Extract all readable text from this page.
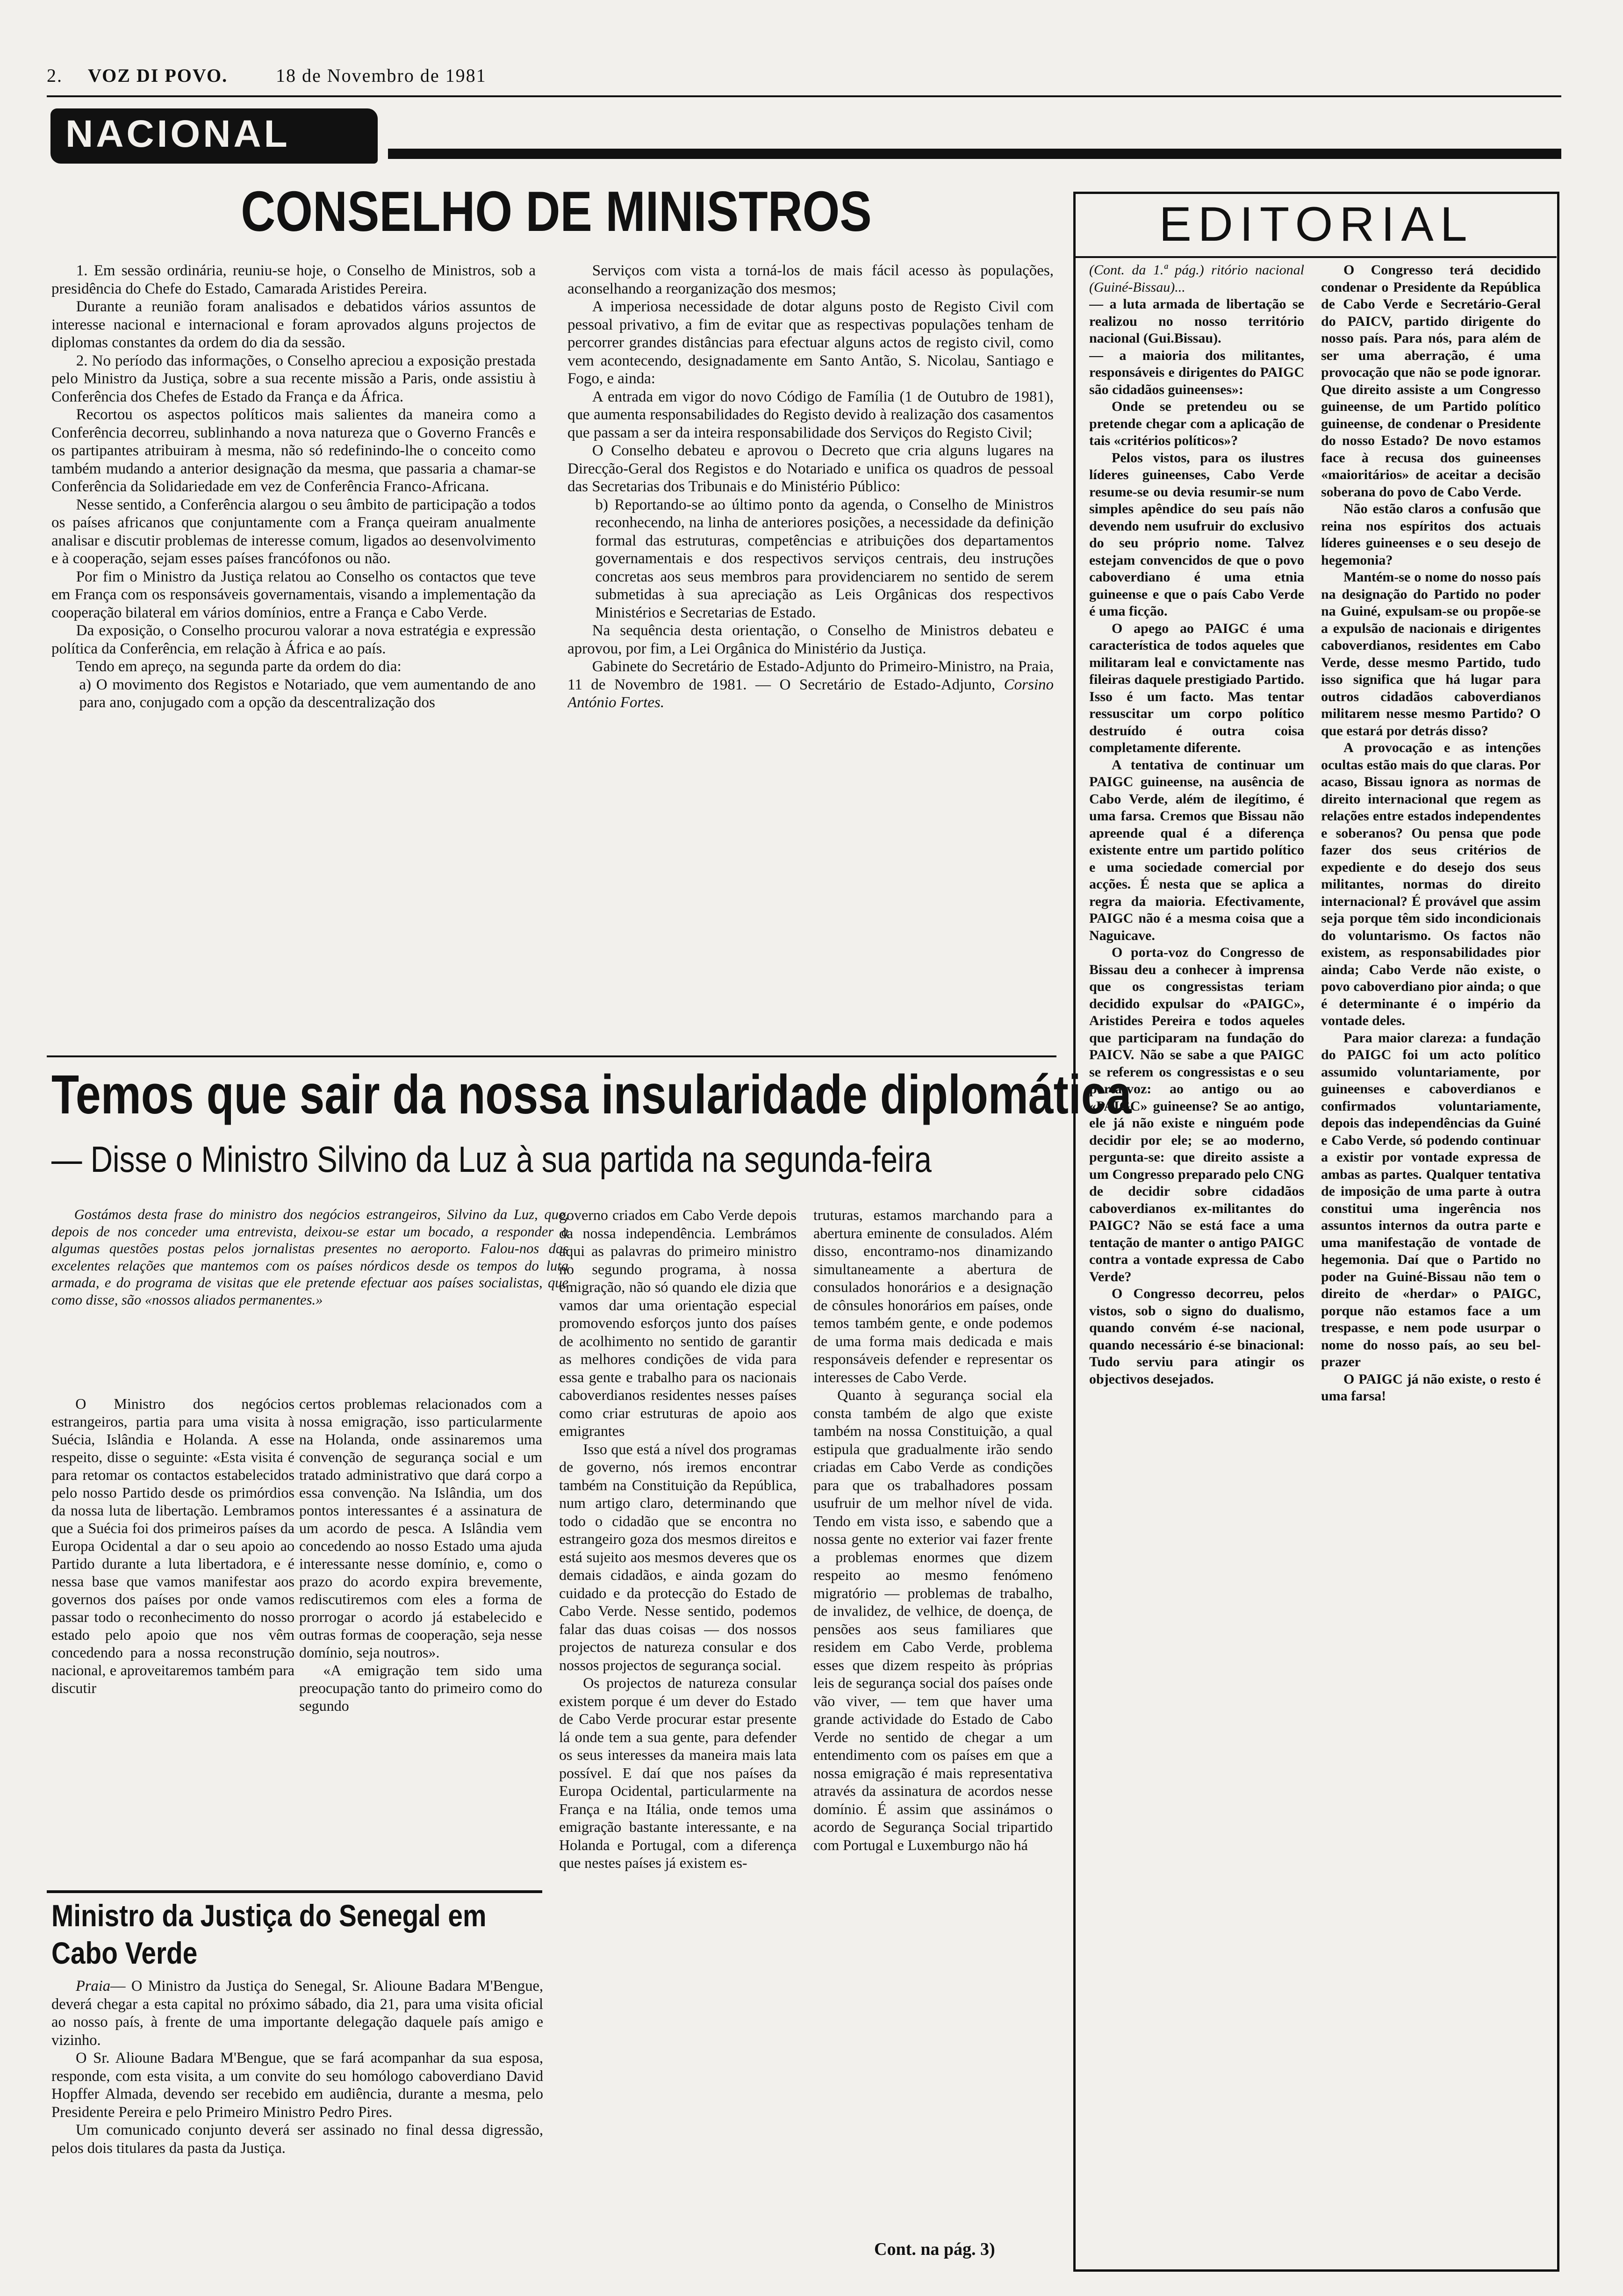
2. VOZ DI POVO.	18 de Novembro de 1981
NACIONAL
CONSELHO DE MINISTROS

1. Em sessão ordinária, reuniu-se hoje, o Conselho de Ministros, sob a presidência do Chefe do Estado, Camarada Aristides Pereira.

Durante a reunião foram analisados e debatidos vários assuntos de interesse nacional e internacional e foram aprovados alguns projectos de diplomas constantes da ordem do dia da sessão.

2. No período das informações, o Conselho apreciou a exposição prestada pelo Ministro da Justiça, sobre a sua recente missão a Paris, onde assistiu à Conferência dos Chefes de Estado da França e da África.

Recortou os aspectos políticos mais salientes da maneira como a Conferência decorreu, sublinhando a nova natureza que o Governo Francês e os partipantes atribuiram à mesma, não só redefinindo-lhe o conceito como também mudando a anterior designação da mesma, que passaria a chamar-se Conferência da Solidariedade em vez de Conferência Franco-Africana.

Nesse sentido, a Conferência alargou o seu âmbito de participação a todos os países africanos que conjuntamente com a França queiram anualmente analisar e discutir problemas de interesse comum, ligados ao desenvolvimento e à cooperação, sejam esses países francófonos ou não.

Por fim o Ministro da Justiça relatou ao Conselho os contactos que teve em França com os responsáveis governamentais, visando a implementação da cooperação bilateral em vários domínios, entre a França e Cabo Verde.

Da exposição, o Conselho procurou valorar a nova estratégia e expressão política da Conferência, em relação à África e ao país.

Tendo em apreço, na segunda parte da ordem do dia:

a) O movimento dos Registos e Notariado, que vem aumentando de ano para ano, conjugado com a opção da descentralização dos

Serviços com vista a torná-los de mais fácil acesso às populações, aconselhando a reorganização dos mesmos;

A imperiosa necessidade de dotar alguns posto de Registo Civil com pessoal privativo, a fim de evitar que as respectivas populações tenham de percorrer grandes distâncias para efectuar alguns actos de registo civil, como vem acontecendo, designadamente em Santo Antão, S. Nicolau, Santiago e Fogo, e ainda:

A entrada em vigor do novo Código de Família (1 de Outubro de 1981), que aumenta responsabilidades do Registo devido à realização dos casamentos que passam a ser da inteira responsabilidade dos Serviços do Registo Civil;

O Conselho debateu e aprovou o Decreto que cria alguns lugares na Direcção-Geral dos Registos e do Notariado e unifica os quadros de pessoal das Secretarias dos Tribunais e do Ministério Público:

b) Reportando-se ao último ponto da agenda, o Conselho de Ministros reconhecendo, na linha de anteriores posições, a necessidade da definição formal das estruturas, competências e atribuições dos departamentos governamentais e dos respectivos serviços centrais, deu instruções concretas aos seus membros para providenciarem no sentido de serem submetidas à sua apreciação as Leis Orgânicas dos respectivos Ministérios e Secretarias de Estado.

Na sequência desta orientação, o Conselho de Ministros debateu e aprovou, por fim, a Lei Orgânica do Ministério da Justiça.

Gabinete do Secretário de Estado-Adjunto do Primeiro-Ministro, na Praia, 11 de Novembro de 1981. — O Secretário de Estado-Adjunto, Corsino António Fortes.

EDITORIAL

(Cont. da 1.ª pág.) ritório nacional (Guiné-Bissau)...

— a luta armada de libertação se realizou no nosso território nacional (Gui.Bissau).

— a maioria dos militantes, responsáveis e dirigentes do PAIGC são cidadãos guineenses»:

Onde se pretendeu ou se pretende chegar com a aplicação de tais «critérios políticos»?

Pelos vistos, para os ilustres líderes guineenses, Cabo Verde resume-se ou devia resumir-se num simples apêndice do seu país não devendo nem usufruir do exclusivo do seu próprio nome. Talvez estejam convencidos de que o povo caboverdiano é uma etnia guineense e que o país Cabo Verde é uma ficção.

O apego ao PAIGC é uma característica de todos aqueles que militaram leal e convictamente nas fileiras daquele prestigiado Partido. Isso é um facto. Mas tentar ressuscitar um corpo político destruído é outra coisa completamente diferente.

A tentativa de continuar um PAIGC guineense, na ausência de Cabo Verde, além de ilegítimo, é uma farsa. Cremos que Bissau não apreende qual é a diferença existente entre um partido político e uma sociedade comercial por acções. É nesta que se aplica a regra da maioria. Efectivamente, PAIGC não é a mesma coisa que a Naguicave.

O porta-voz do Congresso de Bissau deu a conhecer à imprensa que os congressistas teriam decidido expulsar do «PAIGC», Aristides Pereira e todos aqueles que participaram na fundação do PAICV. Não se sabe a que PAIGC se referem os congressistas e o seu porta-voz: ao antigo ou ao «PAIGC» guineense? Se ao antigo, ele já não existe e ninguém pode decidir por ele; se ao moderno, pergunta-se: que direito assiste a um Congresso preparado pelo CNG de decidir sobre cidadãos caboverdianos ex-militantes do PAIGC? Não se está face a uma tentação de manter o antigo PAIGC contra a vontade expressa de Cabo Verde?

O Congresso decorreu, pelos vistos, sob o signo do dualismo, quando convém é-se nacional, quando necessário é-se binacional: Tudo serviu para atingir os objectivos desejados.

O Congresso terá decidido condenar o Presidente da República de Cabo Verde e Secretário-Geral do PAICV, partido dirigente do nosso país. Para nós, para além de ser uma aberração, é uma provocação que não se pode ignorar. Que direito assiste a um Congresso guineense, de um Partido político guineense, de condenar o Presidente do nosso Estado? De novo estamos face à recusa dos guineenses «maioritários» de aceitar a decisão soberana do povo de Cabo Verde.

Não estão claros a confusão que reina nos espíritos dos actuais líderes guineenses e o seu desejo de hegemonia?

Mantém-se o nome do nosso país na designação do Partido no poder na Guiné, expulsam-se ou propõe-se a expulsão de nacionais e dirigentes caboverdianos, residentes em Cabo Verde, desse mesmo Partido, tudo isso significa que há lugar para outros cidadãos caboverdianos militarem nesse mesmo Partido? O que estará por detrás disso?

A provocação e as intenções ocultas estão mais do que claras. Por acaso, Bissau ignora as normas de direito internacional que regem as relações entre estados independentes e soberanos? Ou pensa que pode fazer dos seus critérios de expediente e do desejo dos seus militantes, normas do direito internacional? É provável que assim seja porque têm sido incondicionais do voluntarismo. Os factos não existem, as responsabilidades pior ainda; Cabo Verde não existe, o povo caboverdiano pior ainda; o que é determinante é o império da vontade deles.

Para maior clareza: a fundação do PAIGC foi um acto político assumido voluntariamente, por guineenses e caboverdianos e confirmados voluntariamente, depois das independências da Guiné e Cabo Verde, só podendo continuar a existir por vontade expressa de ambas as partes. Qualquer tentativa de imposição de uma parte à outra constitui uma ingerência nos assuntos internos da outra parte e uma manifestação de vontade de hegemonia. Daí que o Partido no poder na Guiné-Bissau não tem o direito de «herdar» o PAIGC, porque não estamos face a um trespasse, e nem pode usurpar o nome do nosso país, ao seu bel-prazer

O PAIGC já não existe, o resto é uma farsa!

Temos que sair da nossa insularidade diplomática
— Disse o Ministro Silvino da Luz à sua partida na segunda-feira

Gostámos desta frase do ministro dos negócios estrangeiros, Silvino da Luz, que, depois de nos conceder uma entrevista, deixou-se estar um bocado, a responder a algumas questões postas pelos jornalistas presentes no aeroporto. Falou-nos das excelentes relações que mantemos com os países nórdicos desde os tempos do luta armada, e do programa de visitas que ele pretende efectuar aos países socialistas, que como disse, são «nossos aliados permanentes.»

O Ministro dos negócios estrangeiros, partia para uma visita à Suécia, Islândia e Holanda. A esse respeito, disse o seguinte: «Esta visita é para retomar os contactos estabelecidos pelo nosso Partido desde os primórdios da nossa luta de libertação. Lembramos que a Suécia foi dos primeiros países da Europa Ocidental a dar o seu apoio ao Partido durante a luta libertadora, e é nessa base que vamos manifestar aos governos dos países por onde vamos passar todo o reconhecimento do nosso estado pelo apoio que nos vêm concedendo para a nossa reconstrução nacional, e aproveitaremos também para discutir

certos problemas relacionados com a nossa emigração, isso particularmente na Holanda, onde assinaremos uma convenção de segurança social e um tratado administrativo que dará corpo a essa convenção. Na Islândia, um dos pontos interessantes é a assinatura de um acordo de pesca. A Islândia vem concedendo ao nosso Estado uma ajuda interessante nesse domínio, e, como o prazo do acordo expira brevemente, rediscutiremos com eles a forma de prorrogar o acordo já estabelecido e outras formas de cooperação, seja nesse domínio, seja noutros».

«A emigração tem sido uma preocupação tanto do primeiro como do segundo

governo criados em Cabo Verde depois da nossa independência. Lembrámos aqui as palavras do primeiro ministro no segundo programa, à nossa emigração, não só quando ele dizia que vamos dar uma orientação especial promovendo esforços junto dos países de acolhimento no sentido de garantir as melhores condições de vida para essa gente e trabalho para os nacionais caboverdianos residentes nesses países como criar estruturas de apoio aos emigrantes

Isso que está a nível dos programas de governo, nós iremos encontrar também na Constituição da República, num artigo claro, determinando que todo o cidadão que se encontra no estrangeiro goza dos mesmos direitos e está sujeito aos mesmos deveres que os demais cidadãos, e ainda gozam do cuidado e da protecção do Estado de Cabo Verde. Nesse sentido, podemos falar das duas coisas — dos nossos projectos de natureza consular e dos nossos projectos de segurança social.

Os projectos de natureza consular existem porque é um dever do Estado de Cabo Verde procurar estar presente lá onde tem a sua gente, para defender os seus interesses da maneira mais lata possível. E daí que nos países da Europa Ocidental, particularmente na França e na Itália, onde temos uma emigração bastante interessante, e na Holanda e Portugal, com a diferença que nestes países já existem es-

truturas, estamos marchando para a abertura eminente de consulados. Além disso, encontramo-nos dinamizando simultaneamente a abertura de consulados honorários e a designação de cônsules honorários em países, onde temos também gente, e onde podemos de uma forma mais dedicada e mais responsáveis defender e representar os interesses de Cabo Verde.

Quanto à segurança social ela consta também de algo que existe também na nossa Constituição, a qual estipula que gradualmente irão sendo criadas em Cabo Verde as condições para que os trabalhadores possam usufruir de um melhor nível de vida. Tendo em vista isso, e sabendo que a nossa gente no exterior vai fazer frente a problemas enormes que dizem respeito ao mesmo fenómeno migratório — problemas de trabalho, de invalidez, de velhice, de doença, de pensões aos seus familiares que residem em Cabo Verde, problema esses que dizem respeito às próprias leis de segurança social dos países onde vão viver, — tem que haver uma grande actividade do Estado de Cabo Verde no sentido de chegar a um entendimento com os países em que a nossa emigração é mais representativa através da assinatura de acordos nesse domínio. É assim que assinámos o acordo de Segurança Social tripartido com Portugal e Luxemburgo não há

Cont. na pág. 3)
Ministro da Justiça do Senegal em Cabo Verde

Praia— O Ministro da Justiça do Senegal, Sr. Alioune Badara M'Bengue, deverá chegar a esta capital no próximo sábado, dia 21, para uma visita oficial ao nosso país, à frente de uma importante delegação daquele país amigo e vizinho.

O Sr. Alioune Badara M'Bengue, que se fará acompanhar da sua esposa, responde, com esta visita, a um convite do seu homólogo caboverdiano David Hopffer Almada, devendo ser recebido em audiência, durante a mesma, pelo Presidente Pereira e pelo Primeiro Ministro Pedro Pires.

Um comunicado conjunto deverá ser assinado no final dessa digressão, pelos dois titulares da pasta da Justiça.
